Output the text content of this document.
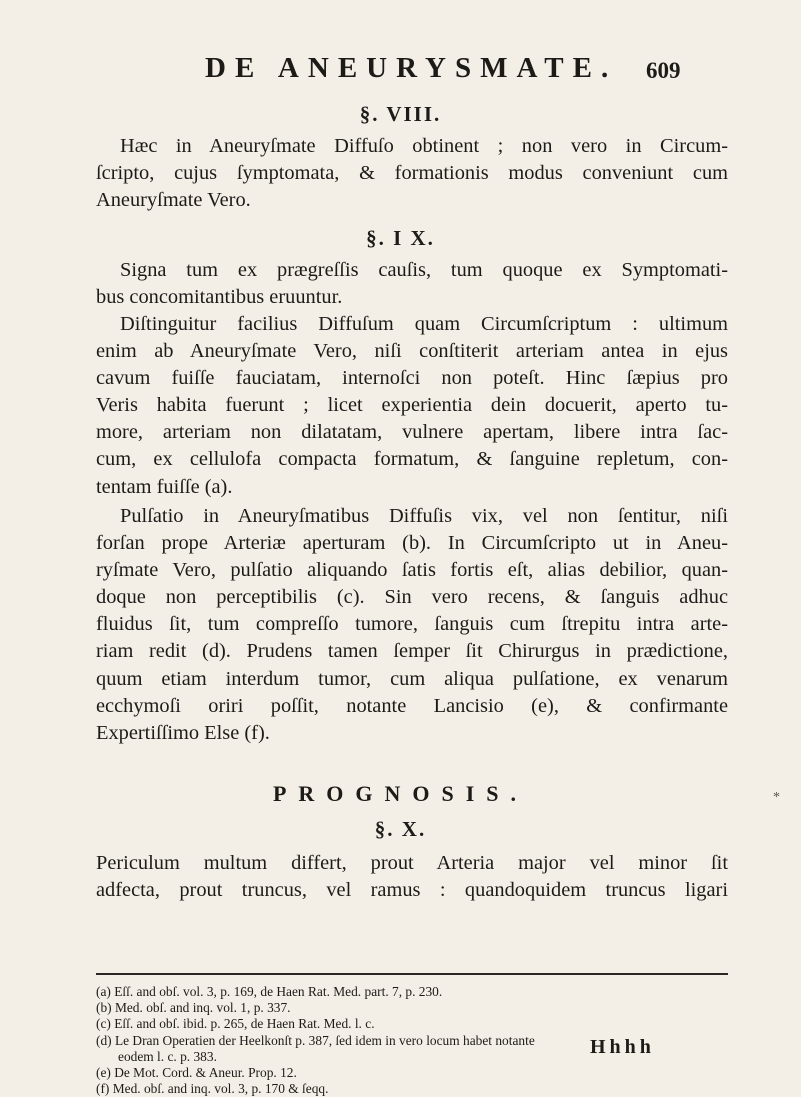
DE ANEURYSMATE. 609
§. VIII.
Hæc in Aneuryſmate Diffuſo obtinent ; non vero in Circum-
ſcripto, cujus ſymptomata, & formationis modus conveniunt cum
Aneuryſmate Vero.
§. I X.
Signa tum ex prægreſſis cauſis, tum quoque ex Symptomati-
bus concomitantibus eruuntur.
Diſtinguitur facilius Diffuſum quam Circumſcriptum : ultimum
enim ab Aneuryſmate Vero, niſi conſtiterit arteriam antea in ejus
cavum fuiſſe fauciatam, internoſci non poteſt. Hinc ſæpius pro
Veris habita fuerunt ; licet experientia dein docuerit, aperto tu-
more, arteriam non dilatatam, vulnere apertam, libere intra ſac-
cum, ex cellulofa compacta formatum, & ſanguine repletum, con-
tentam fuiſſe (a).
Pulſatio in Aneuryſmatibus Diffuſis vix, vel non ſentitur, niſi
forſan prope Arteriæ aperturam (b). In Circumſcripto ut in Aneu-
ryſmate Vero, pulſatio aliquando ſatis fortis eſt, alias debilior, quan-
doque non perceptibilis (c). Sin vero recens, & ſanguis adhuc
fluidus ſit, tum compreſſo tumore, ſanguis cum ſtrepitu intra arte-
riam redit (d). Prudens tamen ſemper ſit Chirurgus in prædictione,
quum etiam interdum tumor, cum aliqua pulſatione, ex venarum
ecchymoſi oriri poſſit, notante Lancisio (e), & confirmante
Expertiſſimo Else (f).
PROGNOSIS.	*
§. X.
Periculum multum differt, prout Arteria major vel minor ſit
adfecta, prout truncus, vel ramus : quandoquidem truncus ligari
(a) Eſſ. and obſ. vol. 3, p. 169, de Haen Rat. Med. part. 7, p. 230.
(b) Med. obſ. and inq. vol. 1, p. 337.
(c) Eſſ. and obſ. ibid. p. 265, de Haen Rat. Med. l. c.
(d) Le Dran Operatien der Heelkonſt p. 387, ſed idem in vero locum habet notante
eodem l. c. p. 383.
(e) De Mot. Cord. & Aneur. Prop. 12.
(f) Med. obſ. and inq. vol. 3, p. 170 & ſeqq.
Hhhh
